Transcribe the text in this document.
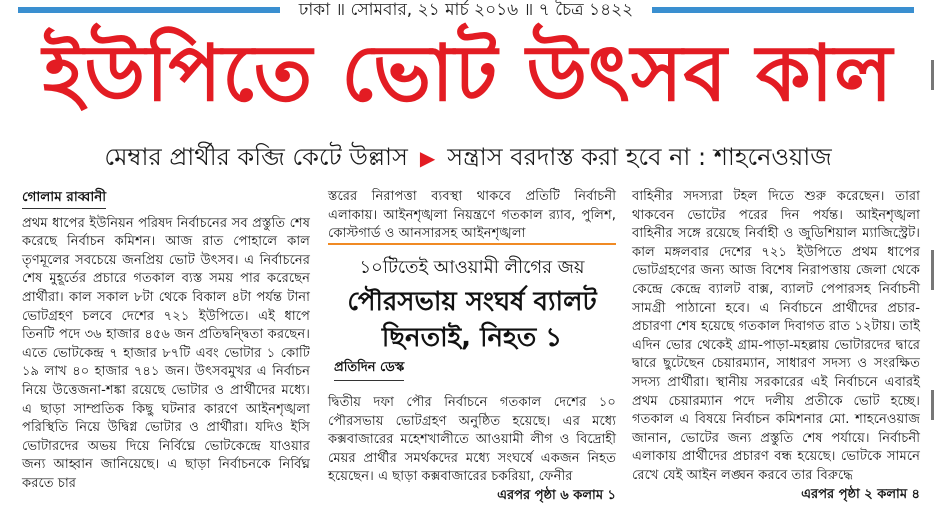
ঢাকা ॥ সোমবার, ২১ মার্চ ২০১৬ ॥ ৭ চৈত্র ১৪২২
ইউপিতে ভোট উৎসব কাল
মেম্বার প্রার্থীর কব্জি কেটে উল্লাস ▶ সন্ত্রাস বরদাস্ত করা হবে না : শাহনেওয়াজ
গোলাম রাব্বানী

প্রথম ধাপের ইউনিয়ন পরিষদ নির্বাচনের সব প্রস্তুতি শেষ করেছে নির্বাচন কমিশন। আজ রাত পোহালে কাল তৃণমূলের সবচেয়ে জনপ্রিয় ভোট উৎসব। এ নির্বাচনের শেষ মুহূর্তের প্রচারে গতকাল ব্যস্ত সময় পার করেছেন প্রার্থীরা। কাল সকাল ৮টা থেকে বিকাল ৪টা পর্যন্ত টানা ভোটগ্রহণ চলবে দেশের ৭২১ ইউপিতে। এই ধাপে তিনটি পদে ৩৬ হাজার ৪৫৬ জন প্রতিদ্বন্দ্বিতা করছেন। এতে ভোটকেন্দ্র ৭ হাজার ৮৭টি এবং ভোটার ১ কোটি ১৯ লাখ ৪০ হাজার ৭৪১ জন। উৎসবমুখর এ নির্বাচন নিয়ে উত্তেজনা-শঙ্কা রয়েছে ভোটার ও প্রার্থীদের মধ্যে। এ ছাড়া সাম্প্রতিক কিছু ঘটনার কারণে আইনশৃঙ্খলা পরিস্থিতি নিয়ে উদ্বিগ্ন ভোটার ও প্রার্থীরা। যদিও ইসি ভোটারদের অভয় দিয়ে নির্বিঘ্নে ভোটকেন্দ্রে যাওয়ার জন্য আহ্বান জানিয়েছে। এ ছাড়া নির্বাচনকে নির্বিঘ্ন করতে চার

স্তরের নিরাপত্তা ব্যবস্থা থাকবে প্রতিটি নির্বাচনী এলাকায়। আইনশৃঙ্খলা নিয়ন্ত্রণে গতকাল র‍্যাব, পুলিশ, কোস্টগার্ড ও আনসারসহ আইনশৃঙ্খলা

১০টিতেই আওয়ামী লীগের জয়
পৌরসভায় সংঘর্ষ ব্যালট ছিনতাই, নিহত ১
প্রতিদিন ডেস্ক

দ্বিতীয় দফা পৌর নির্বাচনে গতকাল দেশের ১০ পৌরসভায় ভোটগ্রহণ অনুষ্ঠিত হয়েছে। এর মধ্যে কক্সবাজারের মহেশখালীতে আওয়ামী লীগ ও বিদ্রোহী মেয়র প্রার্থীর সমর্থকদের মধ্যে সংঘর্ষে একজন নিহত হয়েছেন। এ ছাড়া কক্সবাজারের চকরিয়া, ফেনীর
এরপর পৃষ্ঠা ৬ কলাম ১

বাহিনীর সদস্যরা টহল দিতে শুরু করেছেন। তারা থাকবেন ভোটের পরের দিন পর্যন্ত। আইনশৃঙ্খলা বাহিনীর সঙ্গে রয়েছে নির্বাহী ও জুডিশিয়াল ম্যাজিস্ট্রেট। কাল মঙ্গলবার দেশের ৭২১ ইউপিতে প্রথম ধাপের ভোটগ্রহণের জন্য আজ বিশেষ নিরাপত্তায় জেলা থেকে কেন্দ্রে কেন্দ্রে ব্যালট বাক্স, ব্যালট পেপারসহ নির্বাচনী সামগ্রী পাঠানো হবে। এ নির্বাচনে প্রার্থীদের প্রচার-প্রচারণা শেষ হয়েছে গতকাল দিবাগত রাত ১২টায়। তাই এদিন ভোর থেকেই গ্রাম-পাড়া-মহল্লায় ভোটারদের দ্বারে দ্বারে ছুটেছেন চেয়ারম্যান, সাধারণ সদস্য ও সংরক্ষিত সদস্য প্রার্থীরা। স্থানীয় সরকারের এই নির্বাচনে এবারই প্রথম চেয়ারম্যান পদে দলীয় প্রতীকে ভোট হচ্ছে। গতকাল এ বিষয়ে নির্বাচন কমিশনার মো. শাহনেওয়াজ জানান, ভোটের জন্য প্রস্তুতি শেষ পর্যায়ে। নির্বাচনী এলাকায় প্রার্থীদের প্রচারণ বন্ধ হয়েছে। ভোটকে সামনে রেখে যেই আইন লঙ্ঘন করবে তার বিরুদ্ধে
এরপর পৃষ্ঠা ২ কলাম ৪
